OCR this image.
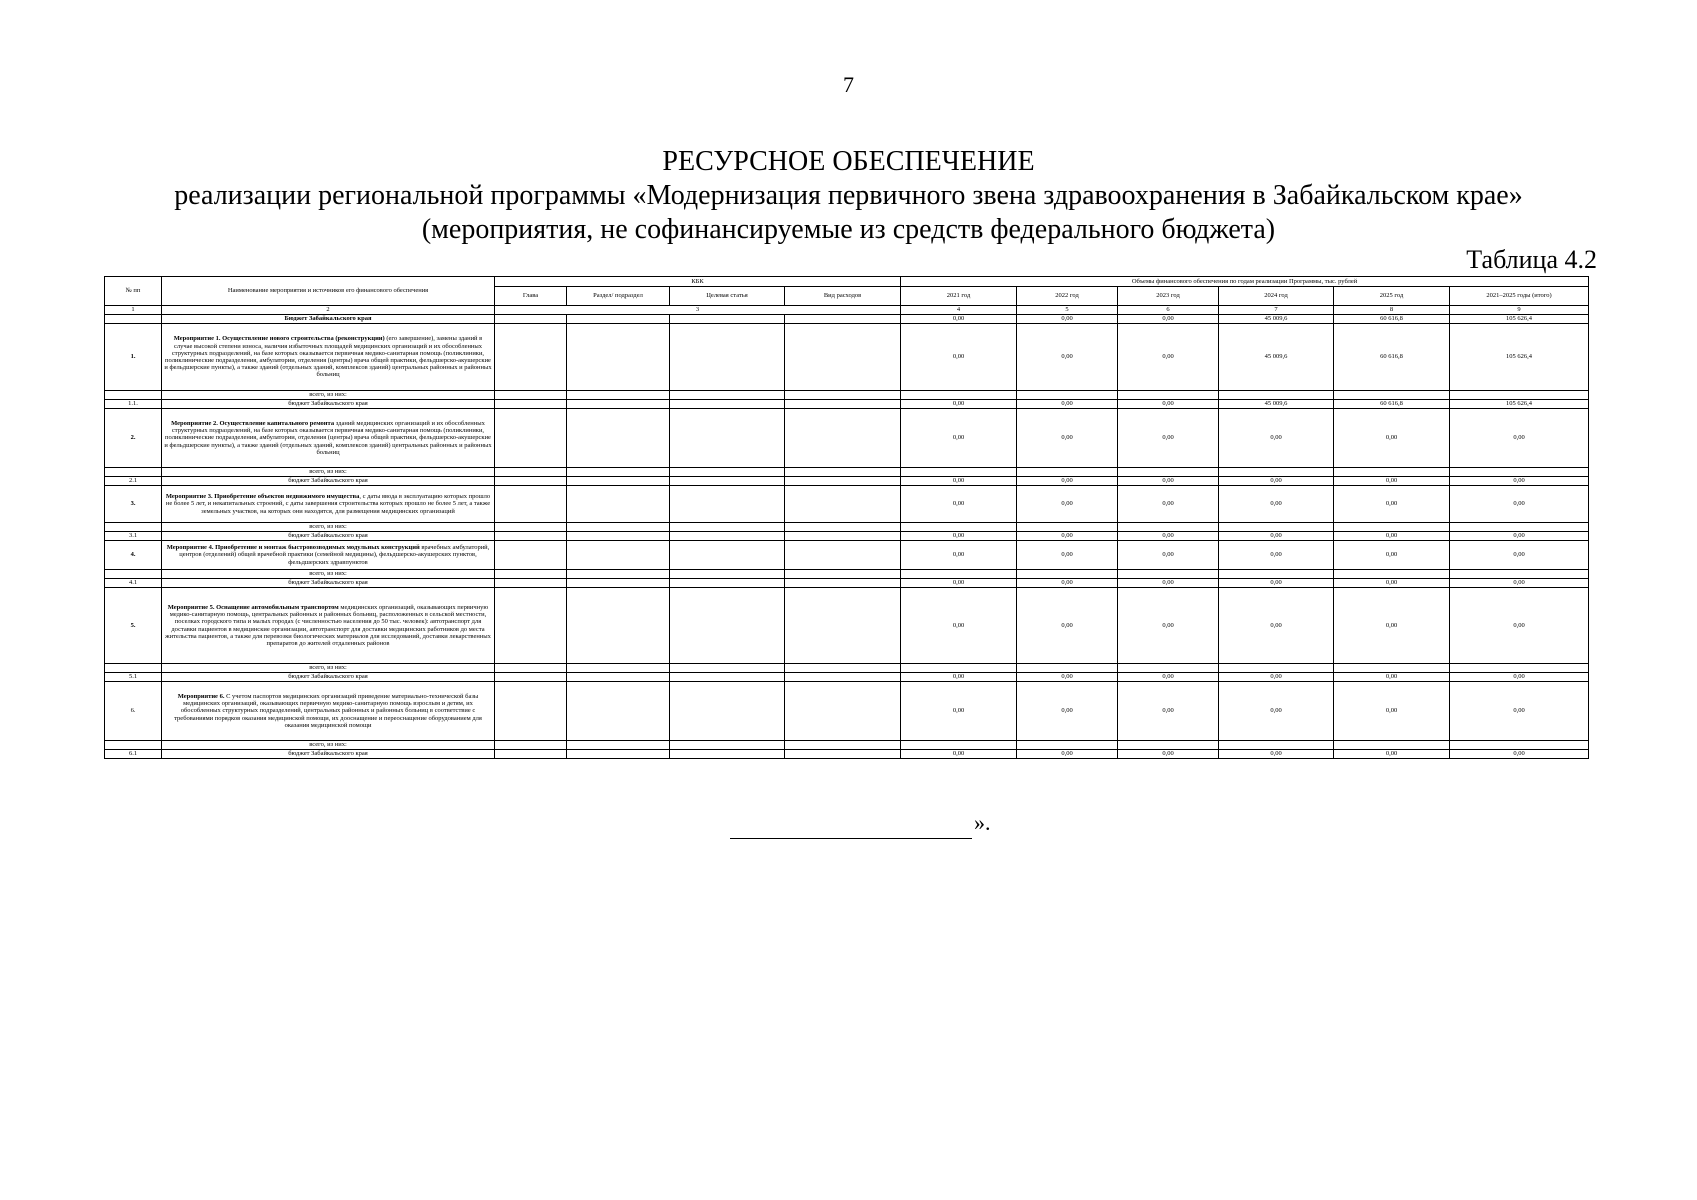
7
РЕСУРСНОЕ ОБЕСПЕЧЕНИЕ
реализации региональной программы «Модернизация первичного звена здравоохранения в Забайкальском крае»
(мероприятия, не софинансируемые из средств федерального бюджета)
Таблица 4.2
№ пп	Наименование мероприятия и источников его финансового обеспечения	КБК				Объемы финансового обеспечения по годам реализации Программы, тыс. рублей					
		Глава	Раздел/ подраздел	Целевая статья	Вид расходов	2021 год	2022 год	2023 год	2024 год	2025 год	2021–2025 годы (итого)
1	2	3				4	5	6	7	8	9
	Бюджет Забайкальского края					0,00	0,00	0,00	45 009,6	60 616,8	105 626,4
1.	Мероприятие 1. Осуществление нового строительства (реконструкции) (его завершение), замены зданий в случае высокой степени износа, наличия избыточных площадей медицинских организаций и их обособленных структурных подразделений, на базе которых оказывается первичная медико-санитарная помощь (поликлиники, поликлинические подразделения, амбулатории, отделения (центры) врача общей практики, фельдшерско-акушерские и фельдшерские пункты), а также зданий (отдельных зданий, комплексов зданий) центральных районных и районных больниц					0,00	0,00	0,00	45 009,6	60 616,8	105 626,4
	всего, из них:										
1.1.	бюджет Забайкальского края					0,00	0,00	0,00	45 009,6	60 616,8	105 626,4
2.	Мероприятие 2. Осуществление капитального ремонта зданий медицинских организаций и их обособленных структурных подразделений, на базе которых оказывается первичная медико-санитарная помощь (поликлиники, поликлинические подразделения, амбулатории, отделения (центры) врача общей практики, фельдшерско-акушерские и фельдшерские пункты), а также зданий (отдельных зданий, комплексов зданий) центральных районных и районных больниц					0,00	0,00	0,00	0,00	0,00	0,00
	всего, из них:										
2.1	бюджет Забайкальского края					0,00	0,00	0,00	0,00	0,00	0,00
3.	Мероприятие 3. Приобретение объектов недвижимого имущества, с даты ввода в эксплуатацию которых прошло не более 5 лет, и некапитальных строений, с даты завершения строительства которых прошло не более 5 лет, а также земельных участков, на которых они находятся, для размещения медицинских организаций					0,00	0,00	0,00	0,00	0,00	0,00
	всего, из них:										
3.1	бюджет Забайкальского края					0,00	0,00	0,00	0,00	0,00	0,00
4.	Мероприятие 4. Приобретение и монтаж быстровозводимых модульных конструкций врачебных амбулаторий, центров (отделений) общей врачебной практики (семейной медицины), фельдшерско-акушерских пунктов, фельдшерских здравпунктов					0,00	0,00	0,00	0,00	0,00	0,00
	всего, из них:										
4.1	бюджет Забайкальского края					0,00	0,00	0,00	0,00	0,00	0,00
5.	Мероприятие 5. Оснащение автомобильным транспортом медицинских организаций, оказывающих первичную медико-санитарную помощь, центральных районных и районных больниц, расположенных в сельской местности, поселках городского типа и малых городах (с численностью населения до 50 тыс. человек): автотранспорт для доставки пациентов в медицинские организации, автотранспорт для доставки медицинских работников до места жительства пациентов, а также для перевозки биологических материалов для исследований, доставки лекарственных препаратов до жителей отдаленных районов					0,00	0,00	0,00	0,00	0,00	0,00
	всего, из них:										
5.1	бюджет Забайкальского края					0,00	0,00	0,00	0,00	0,00	0,00
6.	Мероприятие 6. С учетом паспортов медицинских организаций приведение материально-технической базы медицинских организаций, оказывающих первичную медико-санитарную помощь взрослым и детям, их обособленных структурных подразделений, центральных районных и районных больниц в соответствие с требованиями порядков оказания медицинской помощи, их дооснащение и переоснащение оборудованием для оказания медицинской помощи					0,00	0,00	0,00	0,00	0,00	0,00
	всего, из них:										
6.1	бюджет Забайкальского края					0,00	0,00	0,00	0,00	0,00	0,00
».
